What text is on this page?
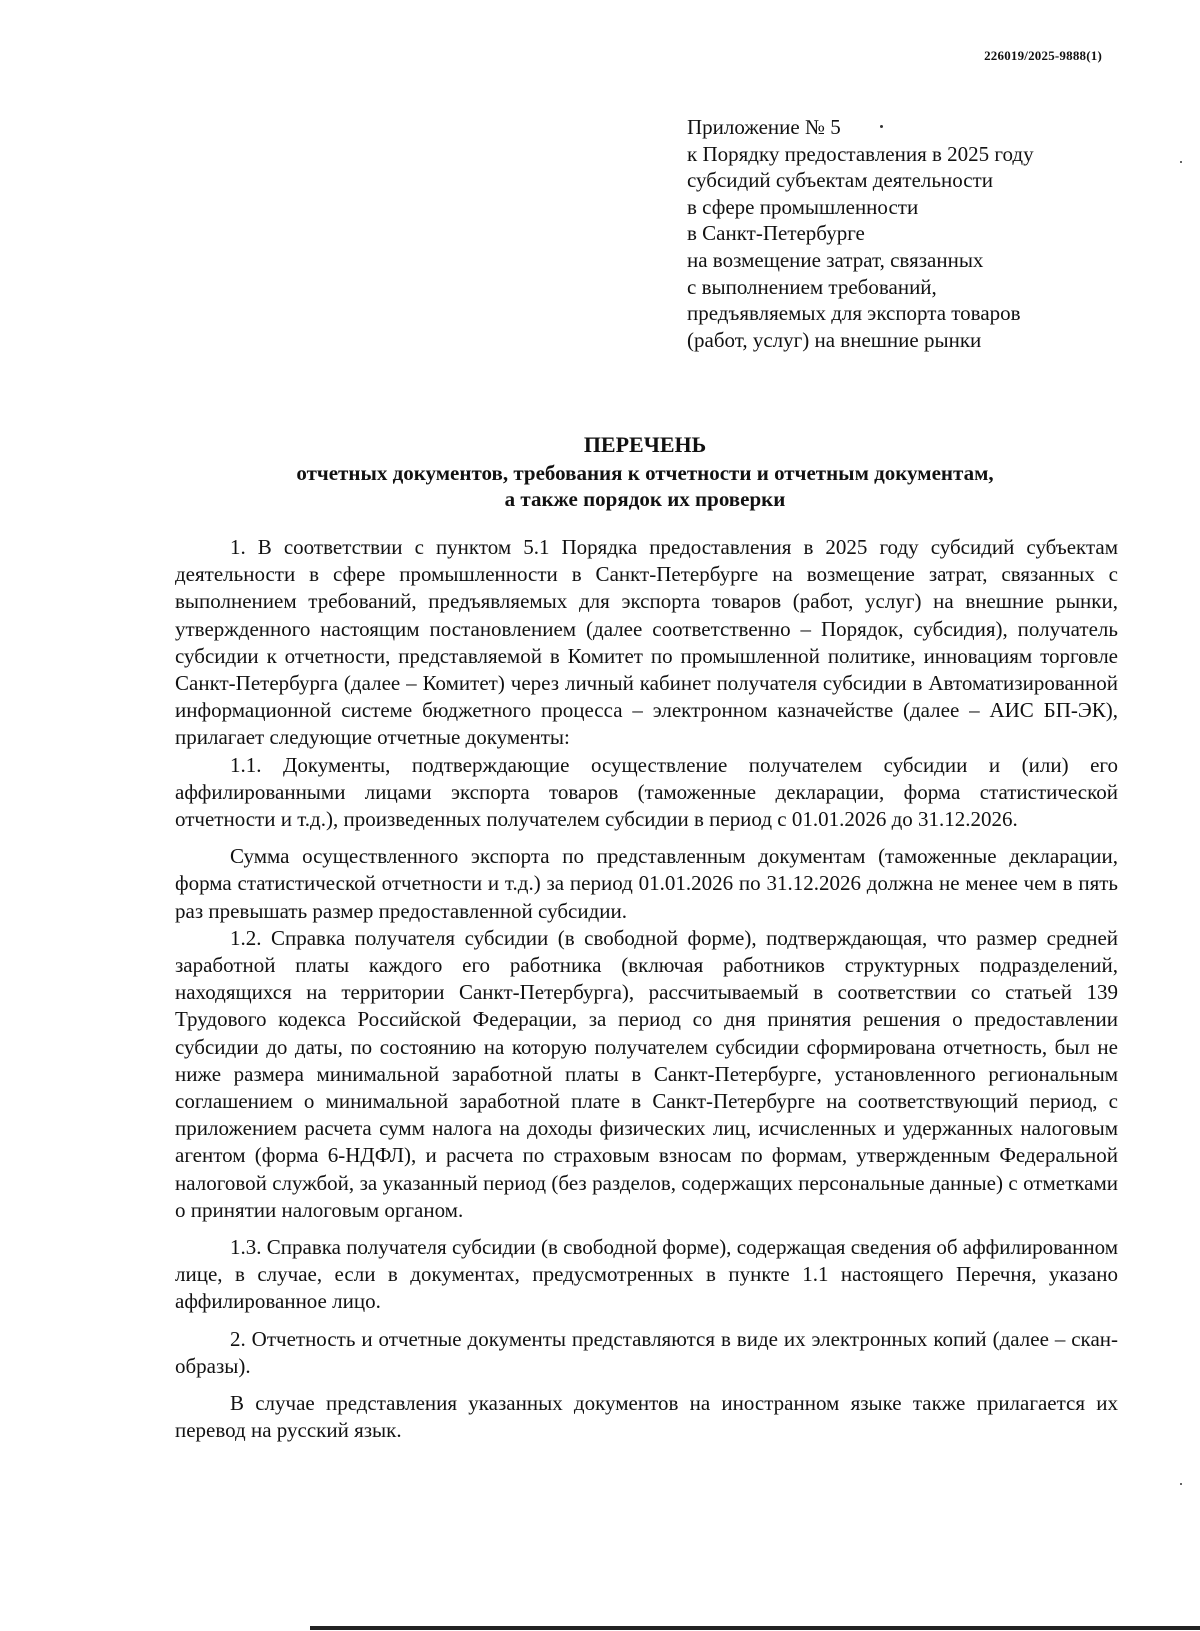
226019/2025-9888(1)
Приложение № 5
к Порядку предоставления в 2025 году
субсидий субъектам деятельности
в сфере промышленности
в Санкт-Петербурге
на возмещение затрат, связанных
с выполнением требований,
предъявляемых для экспорта товаров
(работ, услуг) на внешние рынки
ПЕРЕЧЕНЬ
отчетных документов, требования к отчетности и отчетным документам,
а также порядок их проверки

1. В соответствии с пунктом 5.1 Порядка предоставления в 2025 году субсидий субъектам деятельности в сфере промышленности в Санкт-Петербурге на возмещение затрат, связанных с выполнением требований, предъявляемых для экспорта товаров (работ, услуг) на внешние рынки, утвержденного настоящим постановлением (далее соответственно – Порядок, субсидия), получатель субсидии к отчетности, представляемой в Комитет по промышленной политике, инновациям торговле Санкт-Петербурга (далее – Комитет) через личный кабинет получателя субсидии в Автоматизированной информационной системе бюджетного процесса – электронном казначействе (далее – АИС БП-ЭК), прилагает следующие отчетные документы:

1.1. Документы, подтверждающие осуществление получателем субсидии и (или) его аффилированными лицами экспорта товаров (таможенные декларации, форма статистической отчетности и т.д.), произведенных получателем субсидии в период с 01.01.2026 до 31.12.2026.

Сумма осуществленного экспорта по представленным документам (таможенные декларации, форма статистической отчетности и т.д.) за период 01.01.2026 по 31.12.2026 должна не менее чем в пять раз превышать размер предоставленной субсидии.

1.2. Справка получателя субсидии (в свободной форме), подтверждающая, что размер средней заработной платы каждого его работника (включая работников структурных подразделений, находящихся на территории Санкт-Петербурга), рассчитываемый в соответствии со статьей 139 Трудового кодекса Российской Федерации, за период со дня принятия решения о предоставлении субсидии до даты, по состоянию на которую получателем субсидии сформирована отчетность, был не ниже размера минимальной заработной платы в Санкт-Петербурге, установленного региональным соглашением о минимальной заработной плате в Санкт-Петербурге на соответствующий период, с приложением расчета сумм налога на доходы физических лиц, исчисленных и удержанных налоговым агентом (форма 6-НДФЛ), и расчета по страховым взносам по формам, утвержденным Федеральной налоговой службой, за указанный период (без разделов, содержащих персональные данные) с отметками о принятии налоговым органом.

1.3. Справка получателя субсидии (в свободной форме), содержащая сведения об аффилированном лице, в случае, если в документах, предусмотренных в пункте 1.1 настоящего Перечня, указано аффилированное лицо.

2. Отчетность и отчетные документы представляются в виде их электронных копий (далее – скан-образы).

В случае представления указанных документов на иностранном языке также прилагается их перевод на русский язык.
